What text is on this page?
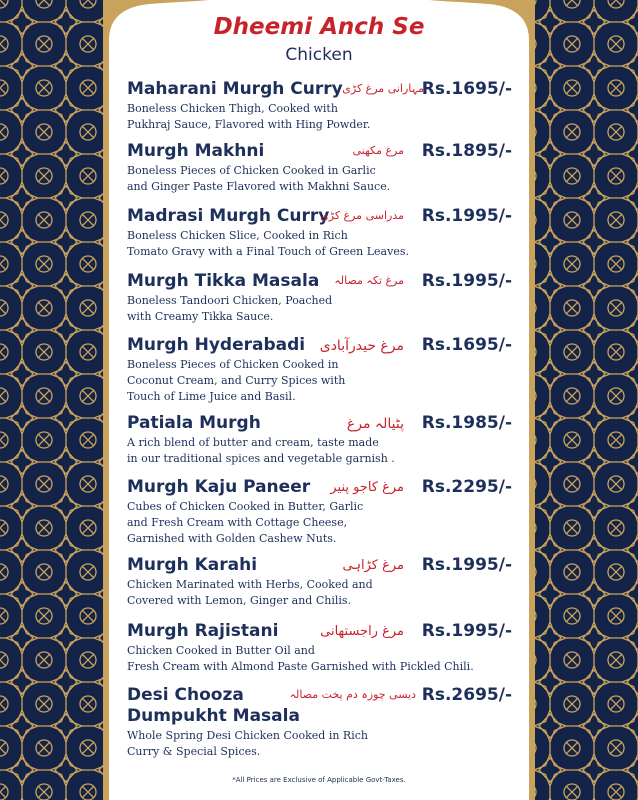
Dheemi Anch Se
Chicken
Maharani Murgh Curry مہارانی مرغ کڑی
Rs.1695/-
Boneless Chicken Thigh, Cooked with
Pukhraj Sauce, Flavored with Hing Powder.
Murgh Makhni	مرغ مکھنی Rs.1895/-
Boneless Pieces of Chicken Cooked in Garlic
and Ginger Paste Flavored with Makhni Sauce.
Madrasi Murgh Curry
مدراسی مرغ کڑی Rs.1995/-
Boneless Chicken Slice, Cooked in Rich
Tomato Gravy with a Final Touch of Green Leaves.
Murgh Tikka Masala مرغ تکہ مصالہ Rs.1995/-
Boneless Tandoori Chicken, Poached
with Creamy Tikka Sauce.
Murgh Hyderabadi مرغ حیدرآبادی Rs.1695/-
Boneless Pieces of Chicken Cooked in
Coconut Cream, and Curry Spices with
Touch of Lime Juice and Basil.
Patiala Murgh	پٹیالہ مرغ Rs.1985/-
A rich blend of butter and cream, taste made
in our traditional spices and vegetable garnish .
Murgh Kaju Paneer مرغ کاجو پنیر Rs.2295/-
Cubes of Chicken Cooked in Butter, Garlic
and Fresh Cream with Cottage Cheese,
Garnished with Golden Cashew Nuts.
Murgh Karahi	مرغ کڑاہی Rs.1995/-
Chicken Marinated with Herbs, Cooked and
Covered with Lemon, Ginger and Chilis.
Murgh Rajistani	مرغ راجستھانی Rs.1995/-
Chicken Cooked in Butter Oil and
Fresh Cream with Almond Paste Garnished with Pickled Chili.
Desi Chooza Dumpukht Masala
دیسی چوزہ دم پخت مصالہ Rs.2695/-
Whole Spring Desi Chicken Cooked in Rich
Curry & Special Spices.
*All Prices are Exclusive of Applicable Govt-Taxes.
